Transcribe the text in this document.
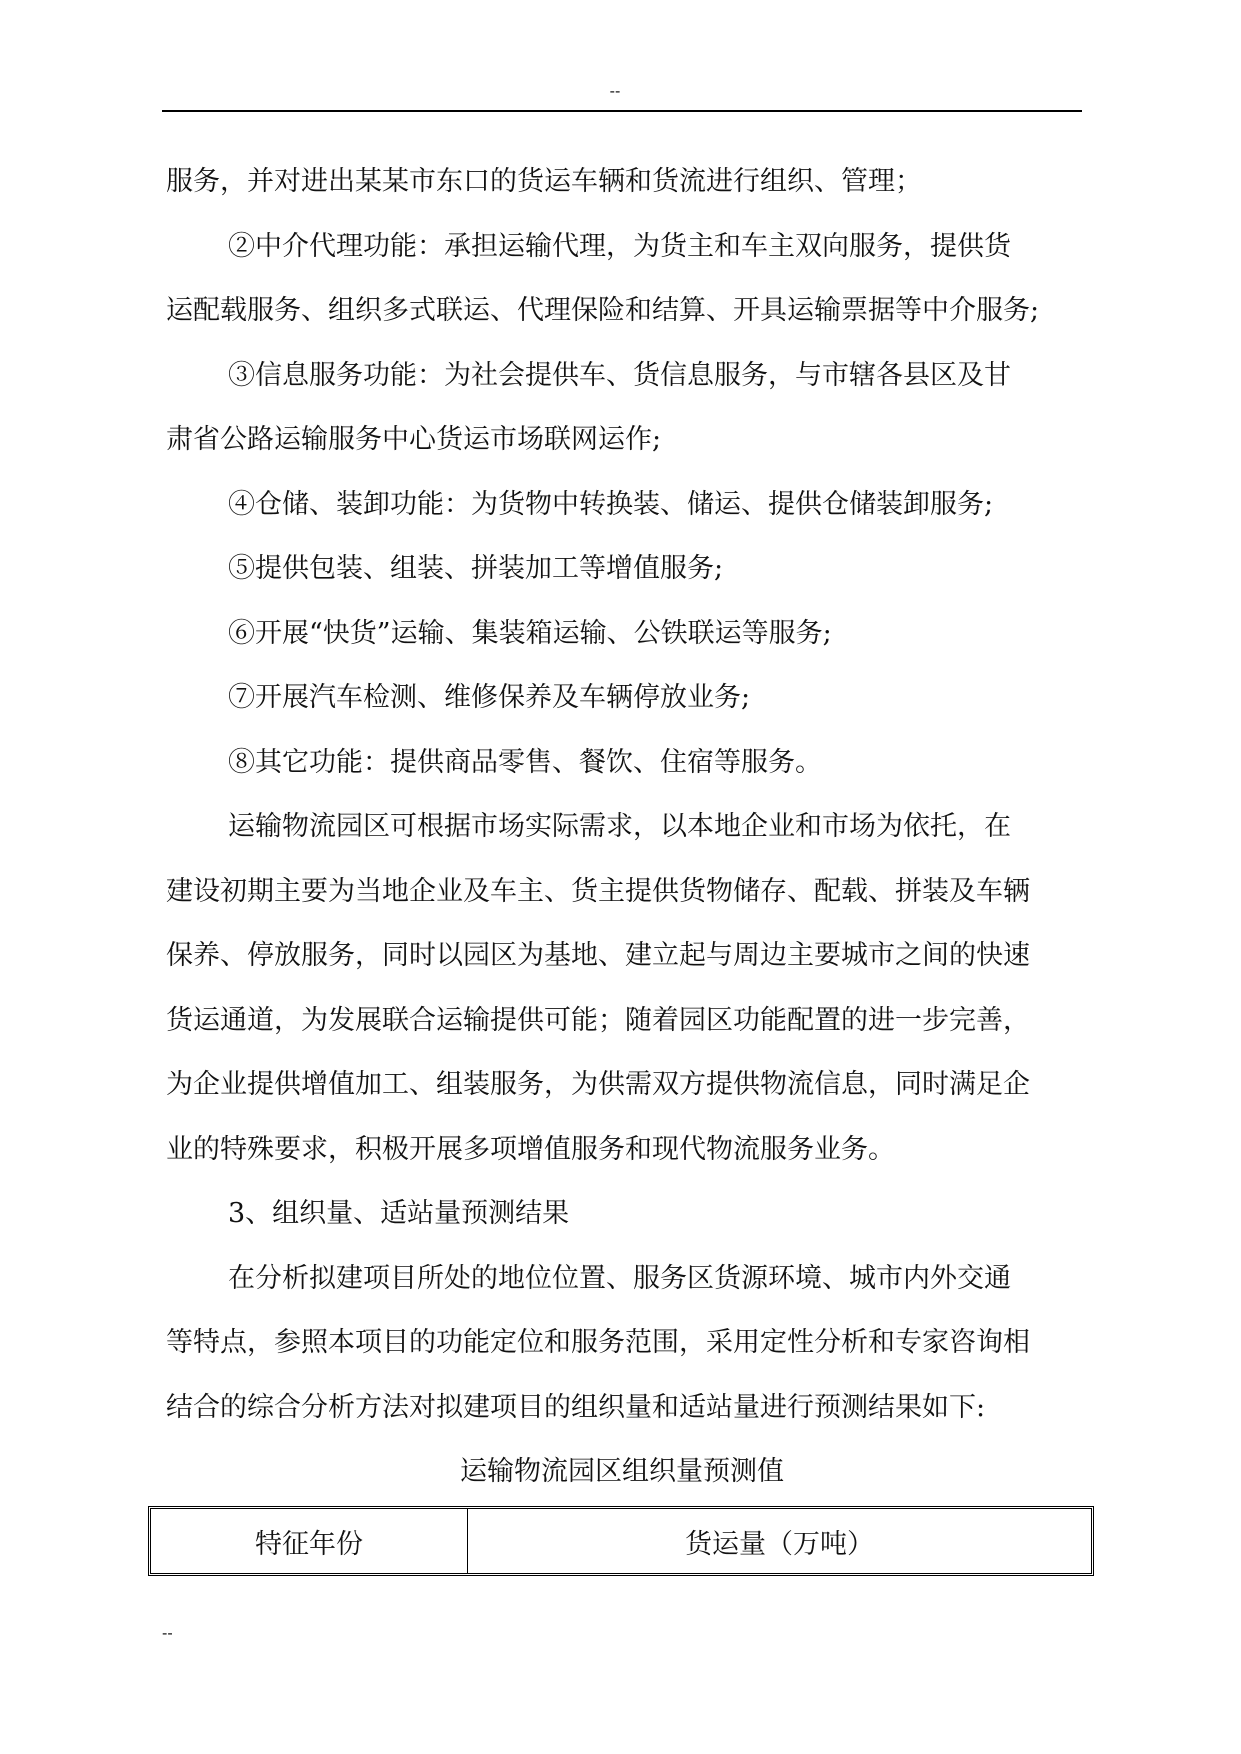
--
服务，并对进出某某市东口的货运车辆和货流进行组织、管理；
②中介代理功能：承担运输代理，为货主和车主双向服务，提供货
运配载服务、组织多式联运、代理保险和结算、开具运输票据等中介服务;
③信息服务功能：为社会提供车、货信息服务，与市辖各县区及甘
肃省公路运输服务中心货运市场联网运作;
④仓储、装卸功能：为货物中转换装、储运、提供仓储装卸服务;
⑤提供包装、组装、拼装加工等增值服务;
⑥开展“快货”运输、集装箱运输、公铁联运等服务;
⑦开展汽车检测、维修保养及车辆停放业务;
⑧其它功能：提供商品零售、餐饮、住宿等服务。
运输物流园区可根据市场实际需求，以本地企业和市场为依托，在
建设初期主要为当地企业及车主、货主提供货物储存、配载、拼装及车辆
保养、停放服务，同时以园区为基地、建立起与周边主要城市之间的快速
货运通道，为发展联合运输提供可能；随着园区功能配置的进一步完善，
为企业提供增值加工、组装服务，为供需双方提供物流信息，同时满足企
业的特殊要求，积极开展多项增值服务和现代物流服务业务。
3、组织量、适站量预测结果
在分析拟建项目所处的地位位置、服务区货源环境、城市内外交通
等特点，参照本项目的功能定位和服务范围，采用定性分析和专家咨询相
结合的综合分析方法对拟建项目的组织量和适站量进行预测结果如下:
运输物流园区组织量预测值
特征年份	货运量（万吨）
--
